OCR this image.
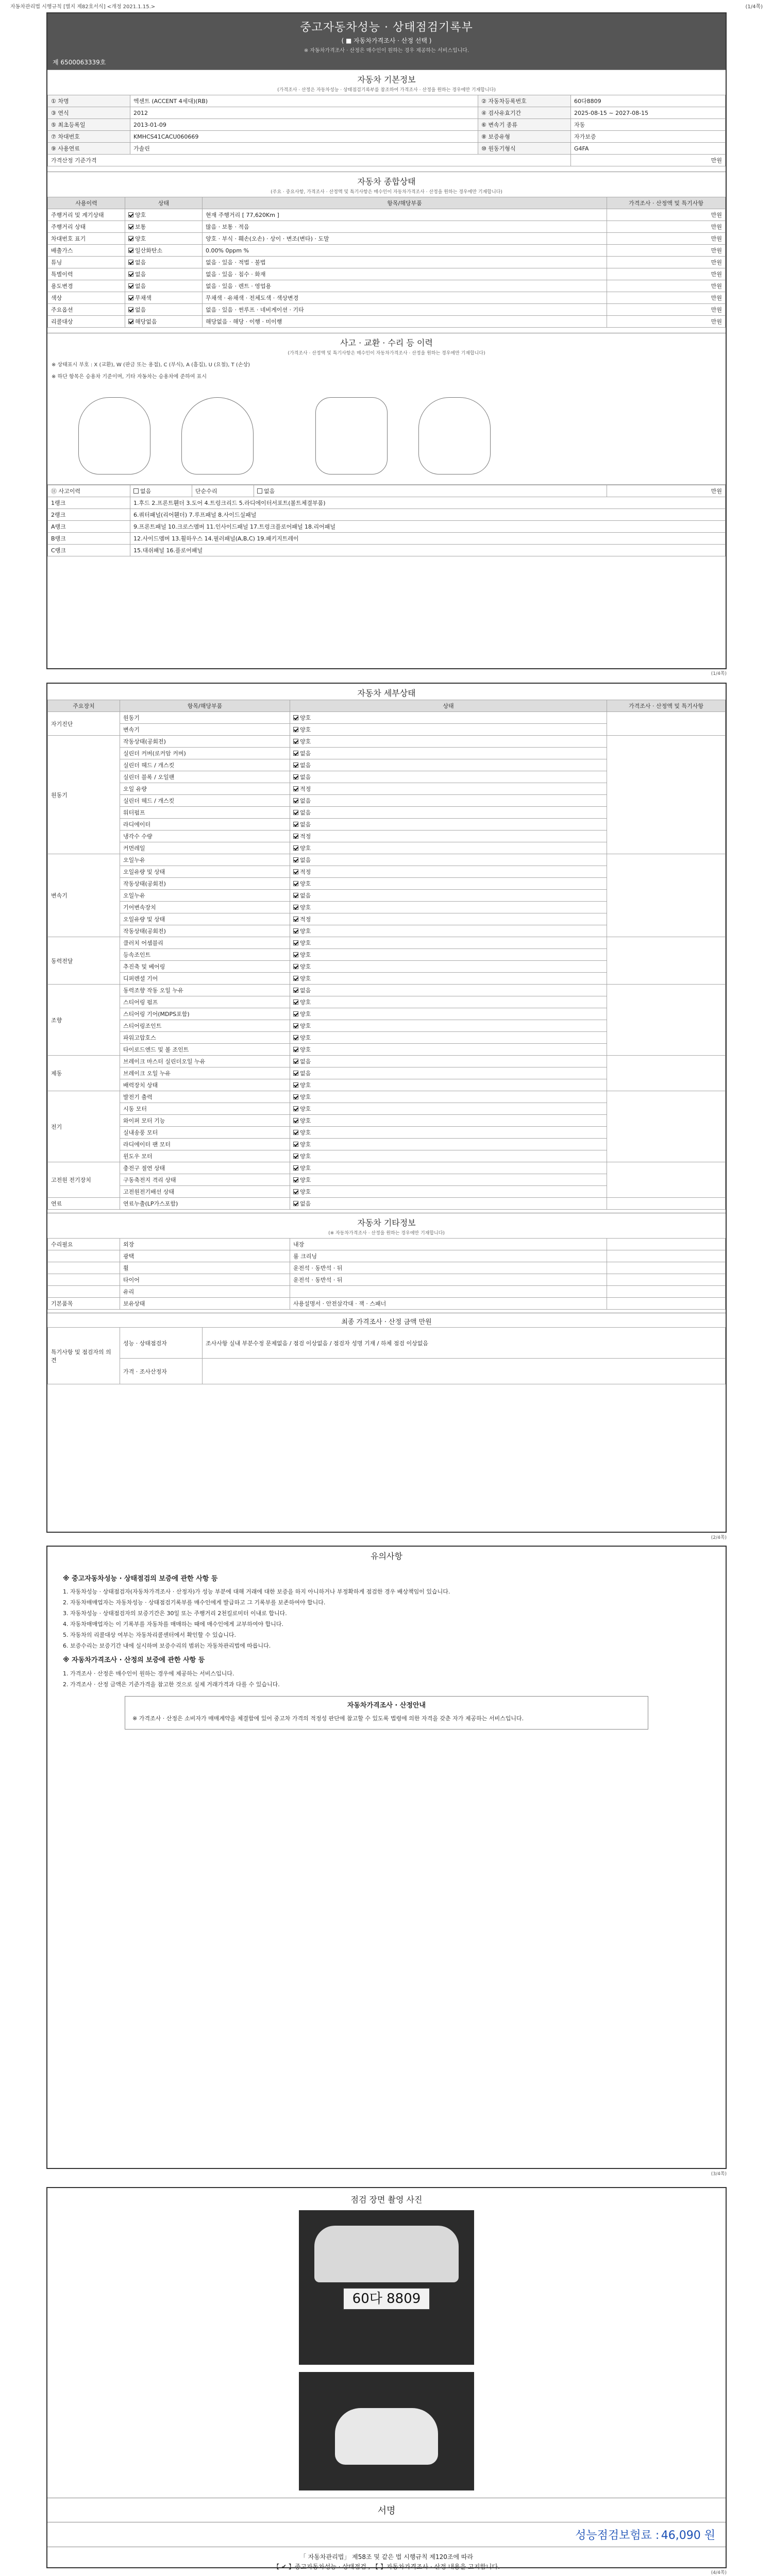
자동차관리법 시행규칙 [별지 제82호서식] <개정 2021.1.15.>	(1/4쪽)
중고자동차성능 · 상태점검기록부
( ■ 자동차가격조사 · 산정 선택 )
※ 자동차가격조사 · 산정은 매수인이 원하는 경우 제공하는 서비스입니다.
제 6500063339호
자동차 기본정보
(가격조사 · 산정은 자동차성능 · 상태점검기록부를 참조하여 가격조사 · 산정을 원하는 경우에만 기재합니다)
① 차명	엑센트 (ACCENT 4세대)(RB)	② 자동차등록번호	60다8809
③ 연식	2012	④ 검사유효기간	2025-08-15 ~ 2027-08-15
⑤ 최초등록일	2013-01-09	⑥ 변속기 종류	자동
⑦ 차대번호	KMHCS41CACU060669	⑧ 보증유형	자가보증
⑨ 사용연료	가솔린	⑩ 원동기형식	G4FA
가격산정 기준가격			만원
자동차 종합상태
(주요 · 중요사항, 가격조사 · 산정액 및 특기사항은 매수인이 자동차가격조사 · 산정을 원하는 경우에만 기재합니다)
사용이력	상태	항목/해당부품	가격조사 · 산정액 및 특기사항
주행거리 및 계기상태	양호	현재 주행거리 [ 77,620Km ]	만원
주행거리 상태	보통	많음 · 보통 · 적음	만원
차대번호 표기	양호	양호 · 부식 · 훼손(오손) · 상이 · 변조(변타) · 도말	만원
배출가스	일산화탄소	0.00% 0ppm %	만원
튜닝	없음	없음 · 있음 · 적법 · 불법	만원
특별이력	없음	없음 · 있음 · 침수 · 화재	만원
용도변경	없음	없음 · 있음 · 렌트 · 영업용	만원
색상	무채색	무채색 · 유채색 · 전체도색 · 색상변경	만원
주요옵션	없음	없음 · 있음 · 썬루프 · 네비게이션 · 기타	만원
리콜대상	해당없음	해당없음 · 해당 · 이행 · 미이행	만원
사고 · 교환 · 수리 등 이력
(가격조사 · 산정액 및 특기사항은 매수인이 자동차가격조사 · 산정을 원하는 경우에만 기재합니다)
※ 상태표시 부호 : X (교환), W (판금 또는 용접), C (부식), A (흠집), U (요철), T (손상)
※ 하단 항목은 승용차 기준이며, 기타 자동차는 승용차에 준하여 표시
⑪ 사고이력	없음	단순수리	없음	만원
1랭크	1.후드 2.프론트휀더 3.도어 4.트렁크리드 5.라디에이터서포트(볼트체결부품)			
2랭크	6.쿼터패널(리어휀더) 7.루프패널 8.사이드실패널			
A랭크	9.프론트패널 10.크로스멤버 11.인사이드패널 17.트렁크플로어패널 18.리어패널			
B랭크	12.사이드멤버 13.휠하우스 14.필러패널(A,B,C) 19.패키지트레이			
C랭크	15.대쉬패널 16.플로어패널			
(1/4쪽)
자동차 세부상태
주요장치	항목/해당부품	상태	가격조사 · 산정액 및 특기사항
자기진단	원동기	양호	
	변속기	양호	
원동기	작동상태(공회전)	양호	
	실린더 커버(로커암 커버)	없음	
	실린더 헤드 / 개스킷	없음	
	실린더 블록 / 오일팬	없음	
	오일 유량	적정	
	실린더 헤드 / 개스킷	없음	
	워터펌프	없음	
	라디에이터	없음	
	냉각수 수량	적정	
	커먼레일	양호	
변속기	오일누유	없음	
	오일유량 및 상태	적정	
	작동상태(공회전)	양호	
	오일누유	없음	
	기어변속장치	양호	
	오일유량 및 상태	적정	
	작동상태(공회전)	양호	
동력전달	클러치 어셈블리	양호	
	등속조인트	양호	
	추진축 및 베어링	양호	
	디퍼렌셜 기어	양호	
조향	동력조향 작동 오일 누유	없음	
	스티어링 펌프	양호	
	스티어링 기어(MDPS포함)	양호	
	스티어링조인트	양호	
	파워고압호스	양호	
	타이로드엔드 및 볼 조인트	양호	
제동	브레이크 마스터 실린더오일 누유	없음	
	브레이크 오일 누유	없음	
	배력장치 상태	양호	
전기	발전기 출력	양호	
	시동 모터	양호	
	와이퍼 모터 기능	양호	
	실내송풍 모터	양호	
	라디에이터 팬 모터	양호	
	윈도우 모터	양호	
고전원 전기장치	충전구 절연 상태	양호	
	구동축전지 격리 상태	양호	
	고전원전기배선 상태	양호	
연료	연료누출(LP가스포함)	없음	
자동차 기타정보
(※ 자동차가격조사 · 산정을 원하는 경우에만 기재합니다)
수리필요	외장	내장	
	광택	룸 크리닝	
	휠	운전석 · 동반석 · 뒤	
	타이어	운전석 · 동반석 · 뒤	
	유리		
기본품목	보유상태	사용설명서 · 안전삼각대 · 잭 · 스패너	
최종 가격조사 · 산정 금액 만원
특기사항 및 점검자의 의견	성능 · 상태점검자	조사사항 실내 부분수정 문제없음 / 점검 이상없음 / 점검자 성명 기재 / 하체 점검 이상없음
	가격 · 조사산정자	
(2/4쪽)
유의사항
※ 중고자동차성능 · 상태점검의 보증에 관한 사항 등

1. 자동차성능 · 상태점검자(자동차가격조사 · 산정자)가 성능 부분에 대해 거래에 대한 보증을 하지 아니하거나 부정확하게 점검한 경우 배상책임이 있습니다.

2. 자동차매매업자는 자동차성능 · 상태점검기록부를 매수인에게 발급하고 그 기록부를 보존하여야 합니다.

3. 자동차성능 · 상태점검자의 보증기간은 30일 또는 주행거리 2천킬로미터 이내로 합니다.

4. 자동차매매업자는 이 기록부를 자동차를 매매하는 때에 매수인에게 교부하여야 합니다.

5. 자동차의 리콜대상 여부는 자동차리콜센터에서 확인할 수 있습니다.

6. 보증수리는 보증기간 내에 실시하며 보증수리의 범위는 자동차관리법에 따릅니다.

※ 자동차가격조사 · 산정의 보증에 관한 사항 등

1. 가격조사 · 산정은 매수인이 원하는 경우에 제공하는 서비스입니다.

2. 가격조사 · 산정 금액은 기준가격을 참고한 것으로 실제 거래가격과 다를 수 있습니다.

자동차가격조사 · 산정안내

※ 가격조사 · 산정은 소비자가 매매계약을 체결함에 있어 중고차 가격의 적정성 판단에 참고할 수 있도록 법령에 의한 자격을 갖춘 자가 제공하는 서비스입니다.

(3/4쪽)
점검 장면 촬영 사진
60다 8809
서명
성능점검보험료 :
46,090 원
「 자동차관리법」 제58조 및 같은 법 시행규칙 제120조에 따라
【 ✔ 】중고자동차성능 · 상태점검 , 【 】자동차가격조사 · 산정 내용을 고지합니다.
(4/4쪽)
